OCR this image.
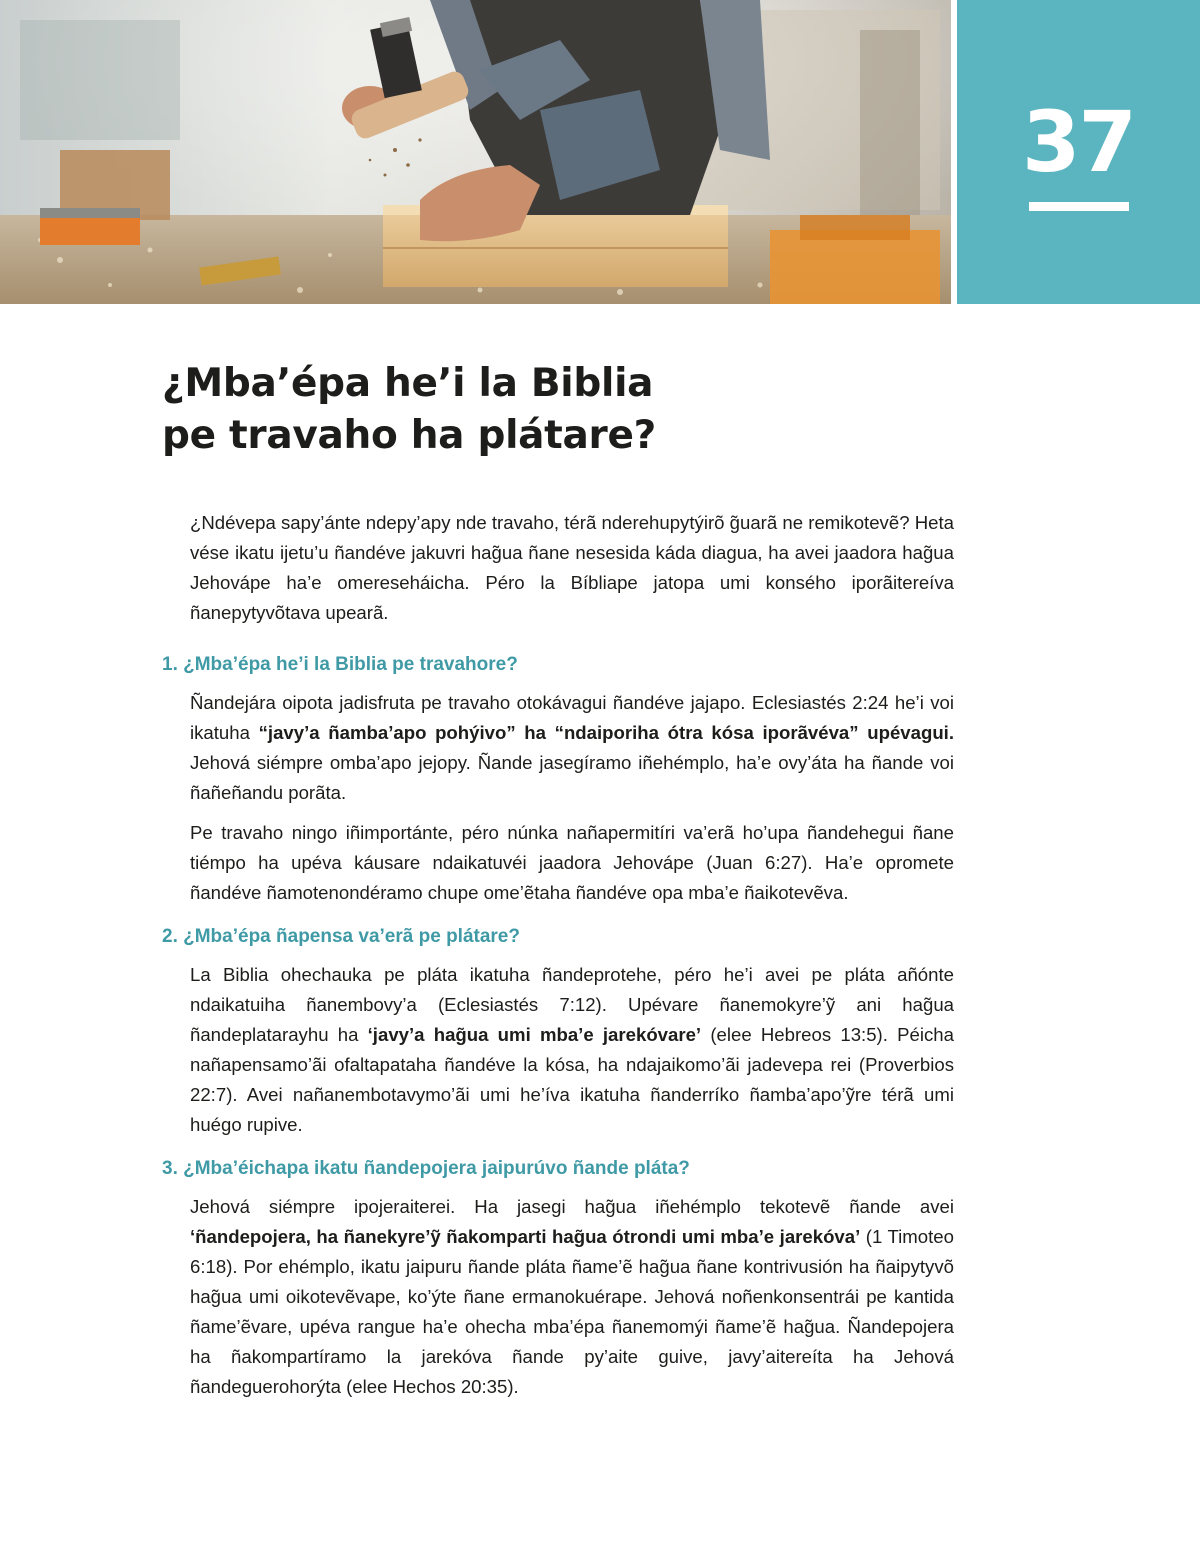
37
¿Mba’épa he’i la Biblia
pe travaho ha plátare?

¿Ndévepa sapy’ánte ndepy’apy nde travaho, térã nderehupytýirõ g̃uarã ne remikotevẽ? Heta vése ikatu ijetu’u ñandéve jakuvri hag̃ua ñane nesesida káda diagua, ha avei jaadora hag̃ua Jehovápe ha’e omereseháicha. Péro la Bíbliape jatopa umi konsého iporãitereíva ñanepytyvõtava upearã.

1. ¿Mba’épa he’i la Biblia pe travahore?

Ñandejára oipota jadisfruta pe travaho otokávagui ñandéve jajapo. Eclesiastés 2:24 he’i voi ikatuha “javy’a ñamba’apo pohýivo” ha “ndaiporiha ótra kósa iporãvéva” upévagui. Jehová siémpre omba’apo jejopy. Ñande jasegíramo iñehémplo, ha’e ovy’áta ha ñande voi ñañeñandu porãta.

Pe travaho ningo iñimportánte, péro núnka nañapermitíri va’erã ho’upa ñandehegui ñane tiémpo ha upéva káusare ndaikatuvéi jaadora Jehovápe (Juan 6:27). Ha’e opromete ñandéve ñamotenondéramo chupe ome’ẽtaha ñandéve opa mba’e ñaikotevẽva.

2. ¿Mba’épa ñapensa va’erã pe plátare?

La Biblia ohechauka pe pláta ikatuha ñandeprotehe, péro he’i avei pe pláta añónte ndaikatuiha ñanembovy’a (Eclesiastés 7:12). Upévare ñanemokyre’ỹ ani hag̃ua ñandeplatarayhu ha ‘javy’a hag̃ua umi mba’e jarekóvare’ (elee Hebreos 13:5). Péicha nañapensamo’ãi ofaltapataha ñandéve la kósa, ha ndajaikomo’ãi jadevepa rei (Proverbios 22:7). Avei nañanembotavymo’ãi umi he’íva ikatuha ñanderríko ñamba’apo’ỹre térã umi huégo rupive.

3. ¿Mba’éichapa ikatu ñandepojera jaipurúvo ñande pláta?

Jehová siémpre ipojeraiterei. Ha jasegi hag̃ua iñehémplo tekotevẽ ñande avei ‘ñandepojera, ha ñanekyre’ỹ ñakomparti hag̃ua ótrondi umi mba’e jarekóva’ (1 Timoteo 6:18). Por ehémplo, ikatu jaipuru ñande pláta ñame’ẽ hag̃ua ñane kontrivusión ha ñaipytyvõ hag̃ua umi oikotevẽvape, ko’ýte ñane ermanokuérape. Jehová noñenkonsentrái pe kantida ñame’ẽvare, upéva rangue ha’e ohecha mba’épa ñanemomýi ñame’ẽ hag̃ua. Ñandepojera ha ñakompartíramo la jarekóva ñande py’aite guive, javy’aitereíta ha Jehová ñandeguerohorýta (elee Hechos 20:35).
